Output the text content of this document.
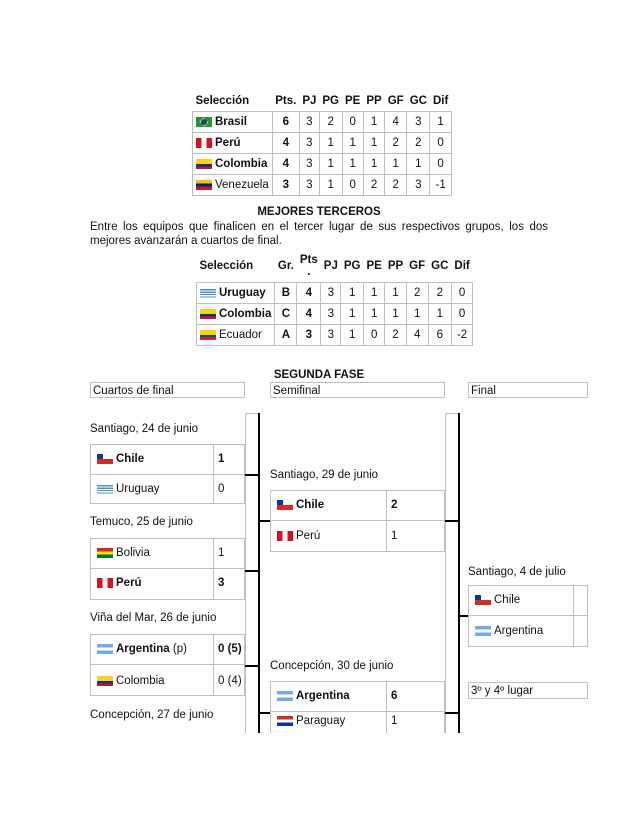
Selección	Pts.	PJ	PG	PE	PP	GF	GC	Dif
Brasil	6	3	2	0	1	4	3	1
Perú	4	3	1	1	1	2	2	0
Colombia	4	3	1	1	1	1	1	0
Venezuela	3	3	1	0	2	2	3	-1
MEJORES TERCEROS
Entre los equipos que finalicen en el tercer lugar de sus respectivos grupos, los dos mejores avanzarán a cuartos de final.
Selección	Gr.	Pts .	PJ	PG	PE	PP	GF	GC	Dif
Uruguay	B	4	3	1	1	1	2	2	0
Colombia	C	4	3	1	1	1	1	1	0
Ecuador	A	3	3	1	0	2	4	6	-2
SEGUNDA FASE
Cuartos de final	Semifinal	Final
Santiago, 24 de junio
Chile	1
Uruguay	0
Temuco, 25 de junio
Bolivia	1
Perú	3
Viña del Mar, 26 de junio
Argentina (p)	0 (5)
Colombia	0 (4)
Concepción, 27 de junio
Santiago, 29 de junio
Chile	2
Perú	1
Concepción, 30 de junio
Argentina	6
Paraguay	1
Santiago, 4 de julio
Chile
Argentina
3º y 4º lugar
